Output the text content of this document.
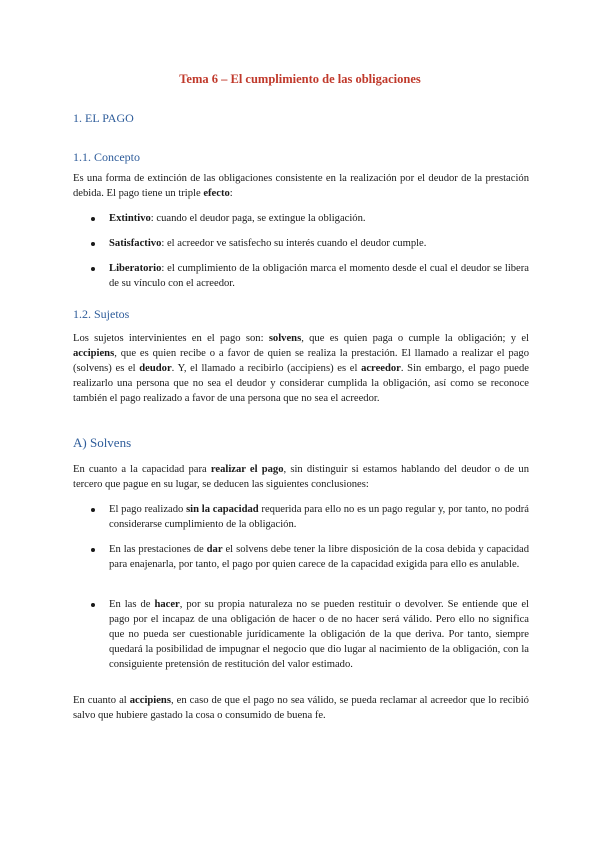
Tema 6 – El cumplimiento de las obligaciones
1. EL PAGO
1.1. Concepto
Es una forma de extinción de las obligaciones consistente en la realización por el deudor de la prestación debida. El pago tiene un triple efecto:
Extintivo: cuando el deudor paga, se extingue la obligación.
Satisfactivo: el acreedor ve satisfecho su interés cuando el deudor cumple.
Liberatorio: el cumplimiento de la obligación marca el momento desde el cual el deudor se libera de su vínculo con el acreedor.
1.2. Sujetos
Los sujetos intervinientes en el pago son: solvens, que es quien paga o cumple la obligación; y el accipiens, que es quien recibe o a favor de quien se realiza la prestación. El llamado a realizar el pago (solvens) es el deudor. Y, el llamado a recibirlo (accipiens) es el acreedor. Sin embargo, el pago puede realizarlo una persona que no sea el deudor y considerar cumplida la obligación, así como se reconoce también el pago realizado a favor de una persona que no sea el acreedor.
A) Solvens
En cuanto a la capacidad para realizar el pago, sin distinguir si estamos hablando del deudor o de un tercero que pague en su lugar, se deducen las siguientes conclusiones:
El pago realizado sin la capacidad requerida para ello no es un pago regular y, por tanto, no podrá considerarse cumplimiento de la obligación.
En las prestaciones de dar el solvens debe tener la libre disposición de la cosa debida y capacidad para enajenarla, por tanto, el pago por quien carece de la capacidad exigida para ello es anulable.
En las de hacer, por su propia naturaleza no se pueden restituir o devolver. Se entiende que el pago por el incapaz de una obligación de hacer o de no hacer será válido. Pero ello no significa que no pueda ser cuestionable jurídicamente la obligación de la que deriva. Por tanto, siempre quedará la posibilidad de impugnar el negocio que dio lugar al nacimiento de la obligación, con la consiguiente pretensión de restitución del valor estimado.
En cuanto al accipiens, en caso de que el pago no sea válido, se pueda reclamar al acreedor que lo recibió salvo que hubiere gastado la cosa o consumido de buena fe.
